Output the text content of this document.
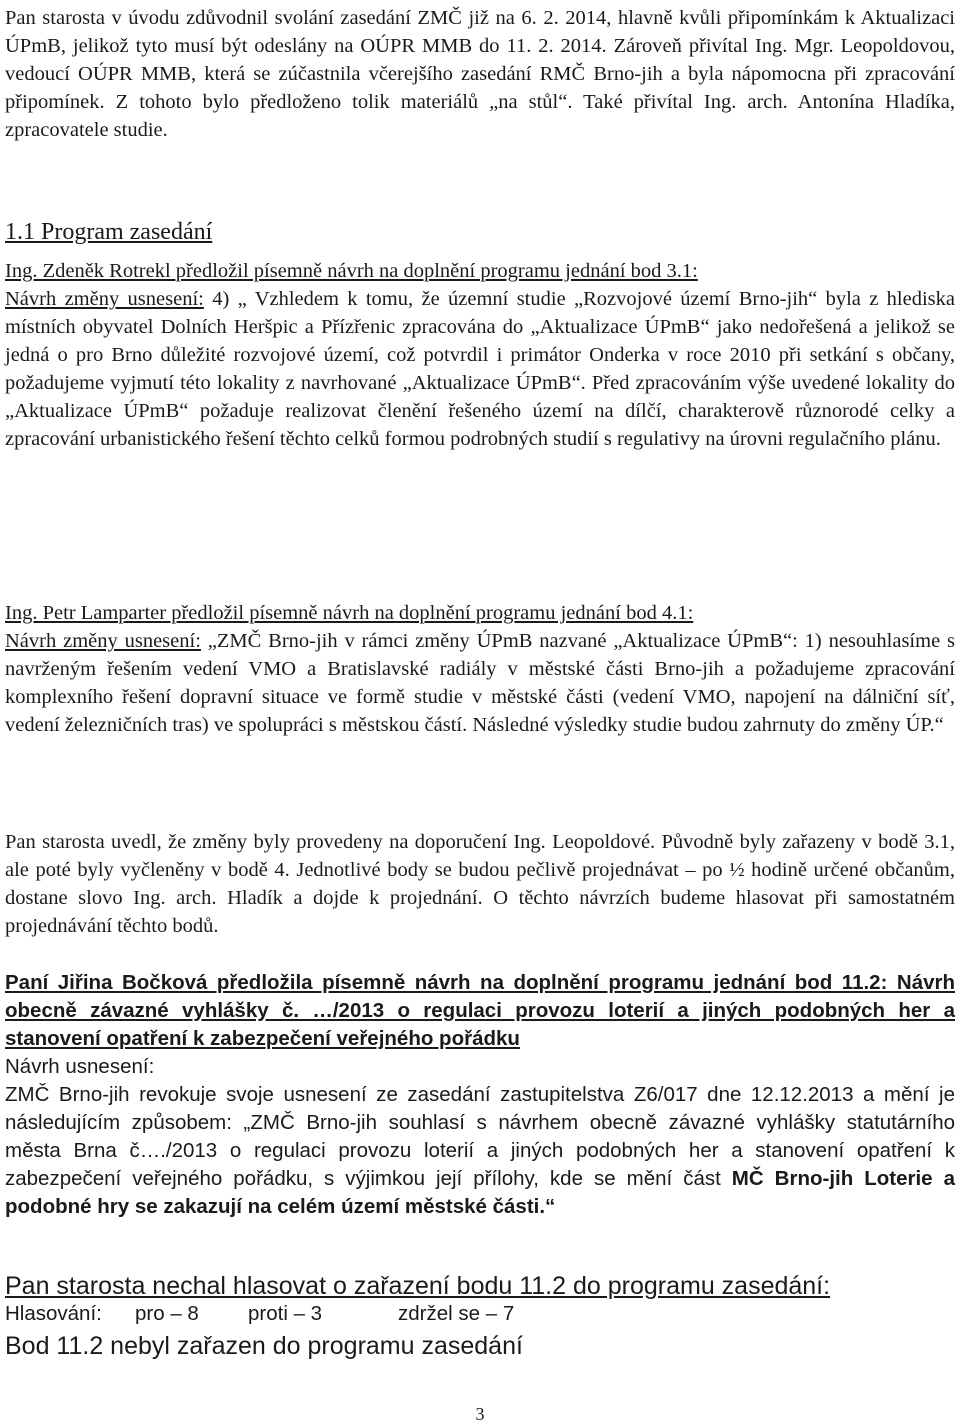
Pan starosta v úvodu zdůvodnil svolání zasedání ZMČ již na 6. 2. 2014, hlavně kvůli připomínkám k Aktualizaci ÚPmB, jelikož tyto musí být odeslány na OÚPR MMB do 11. 2. 2014. Zároveň přivítal Ing. Mgr. Leopoldovou, vedoucí OÚPR MMB, která se zúčastnila včerejšího zasedání RMČ Brno-jih a byla nápomocna při zpracování připomínek. Z tohoto bylo předloženo tolik materiálů „na stůl“. Také přivítal Ing. arch. Antonína Hladíka, zpracovatele studie.

1.1 Program zasedání

Ing. Zdeněk Rotrekl předložil písemně návrh na doplnění programu jednání bod 3.1:

Návrh změny usnesení: 4) „ Vzhledem k tomu, že územní studie „Rozvojové území Brno-jih“ byla z hlediska místních obyvatel Dolních Heršpic a Přízřenic zpracována do „Aktualizace ÚPmB“ jako nedořešená a jelikož se jedná o pro Brno důležité rozvojové území, což potvrdil i primátor Onderka v roce 2010 při setkání s občany, požadujeme vyjmutí této lokality z navrhované „Aktualizace ÚPmB“. Před zpracováním výše uvedené lokality do „Aktualizace ÚPmB“ požaduje realizovat členění řešeného území na dílčí, charakterově různorodé celky a zpracování urbanistického řešení těchto celků formou podrobných studií s regulativy na úrovni regulačního plánu.

Ing. Petr Lamparter předložil písemně návrh na doplnění programu jednání bod 4.1:

Návrh změny usnesení: „ZMČ Brno-jih v rámci změny ÚPmB nazvané „Aktualizace ÚPmB“: 1) nesouhlasíme s navrženým řešením vedení VMO a Bratislavské radiály v městské části Brno-jih a požadujeme zpracování komplexního řešení dopravní situace ve formě studie v městské části (vedení VMO, napojení na dálniční síť, vedení železničních tras) ve spolupráci s městskou částí. Následné výsledky studie budou zahrnuty do změny ÚP.“

Pan starosta uvedl, že změny byly provedeny na doporučení Ing. Leopoldové. Původně byly zařazeny v bodě 3.1, ale poté byly vyčleněny v bodě 4. Jednotlivé body se budou pečlivě projednávat – po ½ hodině určené občanům, dostane slovo Ing. arch. Hladík a dojde k projednání. O těchto návrzích budeme hlasovat při samostatném projednávání těchto bodů.

Paní Jiřina Bočková předložila písemně návrh na doplnění programu jednání bod 11.2: Návrh obecně závazné vyhlášky č. …/2013 o regulaci provozu loterií a jiných podobných her a stanovení opatření k zabezpečení veřejného pořádku

Návrh usnesení:

ZMČ Brno-jih revokuje svoje usnesení ze zasedání zastupitelstva Z6/017 dne 12.12.2013 a mění je následujícím způsobem: „ZMČ Brno-jih souhlasí s návrhem obecně závazné vyhlášky statutárního města Brna č…./2013 o regulaci provozu loterií a jiných podobných her a stanovení opatření k zabezpečení veřejného pořádku, s výjimkou její přílohy, kde se mění část MČ Brno-jih Loterie a podobné hry se zakazují na celém území městské části.“

Pan starosta nechal hlasovat o zařazení bodu 11.2 do programu zasedání:

Hlasování: pro – 8 proti – 3	zdržel se – 7

Bod 11.2 nebyl zařazen do programu zasedání

3
